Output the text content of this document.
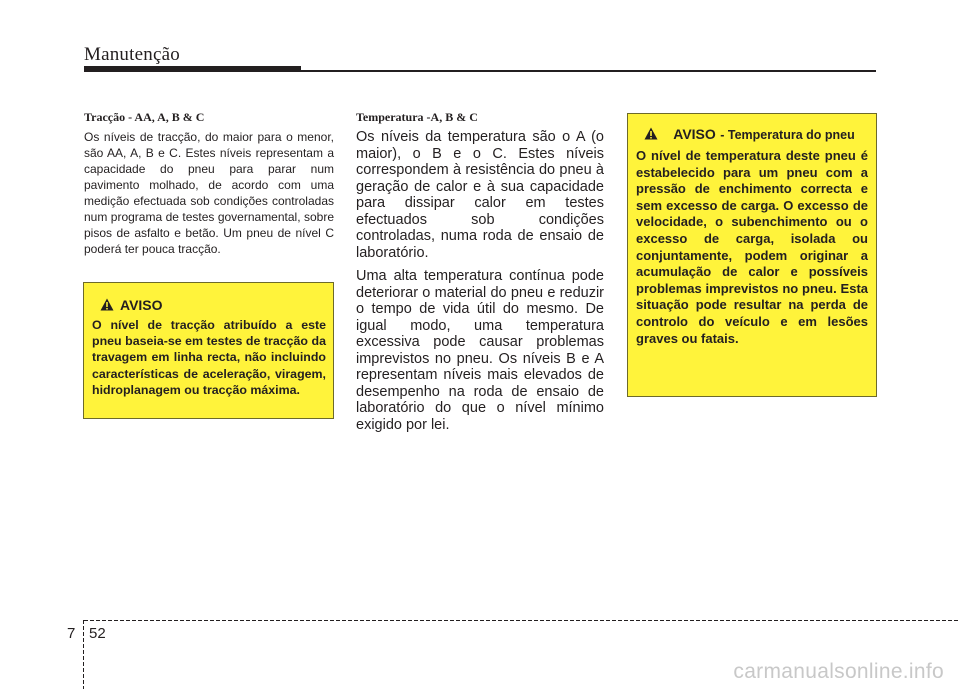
Manutenção

Tracção - AA, A, B & C

Os níveis de tracção, do maior para o menor, são AA, A, B e C. Estes níveis representam a capacidade do pneu para parar num pavimento molhado, de acordo com uma medição efectuada sob condições controladas num programa de testes governamental, sobre pisos de asfalto e betão. Um pneu de nível C poderá ter pouca tracção.

AVISO

O nível de tracção atribuído a este pneu baseia-se em testes de tracção da travagem em linha recta, não incluindo características de aceleração, viragem, hidroplanagem ou tracção máxima.

Temperatura -A, B & C

Os níveis da temperatura são o A (o maior), o B e o C. Estes níveis correspondem à resistência do pneu à geração de calor e à sua capacidade para dissipar calor em testes efectuados sob condições controladas, numa roda de ensaio de laboratório.

Uma alta temperatura contínua pode deteriorar o material do pneu e reduzir o tempo de vida útil do mesmo. De igual modo, uma temperatura excessiva pode causar problemas imprevistos no pneu. Os níveis B e A representam níveis mais elevados de desempenho na roda de ensaio de laboratório do que o nível mínimo exigido por lei.

AVISO - Temperatura do pneu

O nível de temperatura deste pneu é estabelecido para um pneu com a pressão de enchimento correcta e sem excesso de carga. O excesso de velocidade, o subenchimento ou o excesso de carga, isolada ou conjuntamente, podem originar a acumulação de calor e possíveis problemas imprevistos no pneu. Esta situação pode resultar na perda de controlo do veículo e em lesões graves ou fatais.

7 52
carmanualsonline.info
